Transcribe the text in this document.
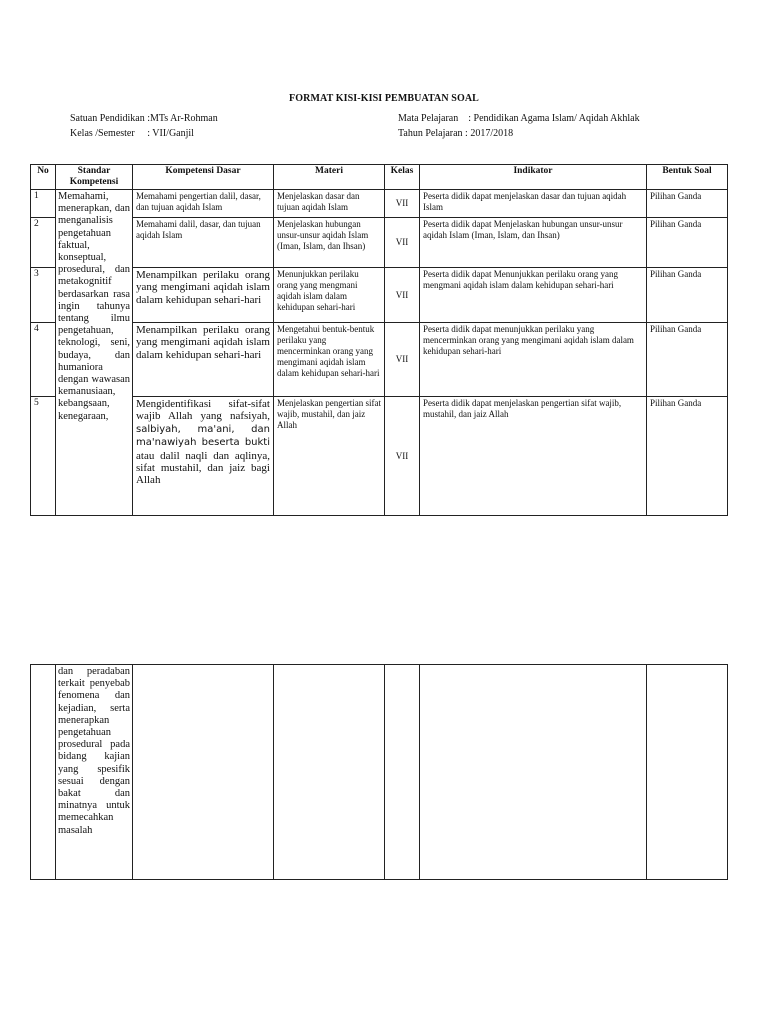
FORMAT KISI-KISI PEMBUATAN SOAL
Satuan Pendidikan :MTs Ar-Rohman
Kelas /Semester     : VII/Ganjil
Mata Pelajaran    : Pendidikan Agama Islam/ Aqidah Akhlak
Tahun Pelajaran : 2017/2018
No	Standar Kompetensi	Kompetensi Dasar	Materi	Kelas	Indikator	Bentuk Soal
1	Memahami, menerapkan, dan menganalisis pengetahuan faktual, konseptual, prosedural, dan metakognitif berdasarkan rasa ingin tahunya tentang ilmu pengetahuan, teknologi, seni, budaya, dan humaniora dengan wawasan kemanusiaan, kebangsaan, kenegaraan,	Memahami pengertian dalil, dasar, dan tujuan aqidah Islam	Menjelaskan dasar dan tujuan aqidah Islam	VII	Peserta didik dapat menjelaskan dasar dan tujuan aqidah Islam	Pilihan Ganda
2		Memahami dalil, dasar, dan tujuan aqidah Islam	Menjelaskan hubungan unsur-unsur aqidah Islam (Iman, Islam, dan Ihsan)	VII	Peserta didik dapat Menjelaskan hubungan unsur-unsur aqidah Islam (Iman, Islam, dan Ihsan)	Pilihan Ganda
3		Menampilkan perilaku orang yang mengimani aqidah islam dalam kehidupan sehari-hari	Menunjukkan perilaku orang yang mengmani aqidah islam dalam kehidupan sehari-hari	VII	Peserta didik dapat Menunjukkan perilaku orang yang mengmani aqidah islam dalam kehidupan sehari-hari	Pilihan Ganda
4		Menampilkan perilaku orang yang mengimani aqidah islam dalam kehidupan sehari-hari	Mengetahui bentuk-bentuk perilaku yang mencerminkan orang yang mengimani aqidah islam dalam kehidupan sehari-hari	VII	Peserta didik dapat menunjukkan perilaku yang mencerminkan orang yang mengimani aqidah islam dalam kehidupan sehari-hari	Pilihan Ganda
5		Mengidentifikasi sifat-sifat wajib Allah yang nafsiyah, salbiyah, ma'ani, dan ma'nawiyah beserta bukti atau dalil naqli dan aqlinya, sifat mustahil, dan jaiz bagi Allah	Menjelaskan pengertian sifat wajib, mustahil, dan jaiz Allah	VII	Peserta didik dapat menjelaskan pengertian sifat wajib, mustahil, dan jaiz Allah	Pilihan Ganda
	dan peradaban terkait penyebab fenomena dan kejadian, serta menerapkan pengetahuan prosedural pada bidang kajian yang spesifik sesuai dengan bakat dan minatnya untuk memecahkan masalah					
